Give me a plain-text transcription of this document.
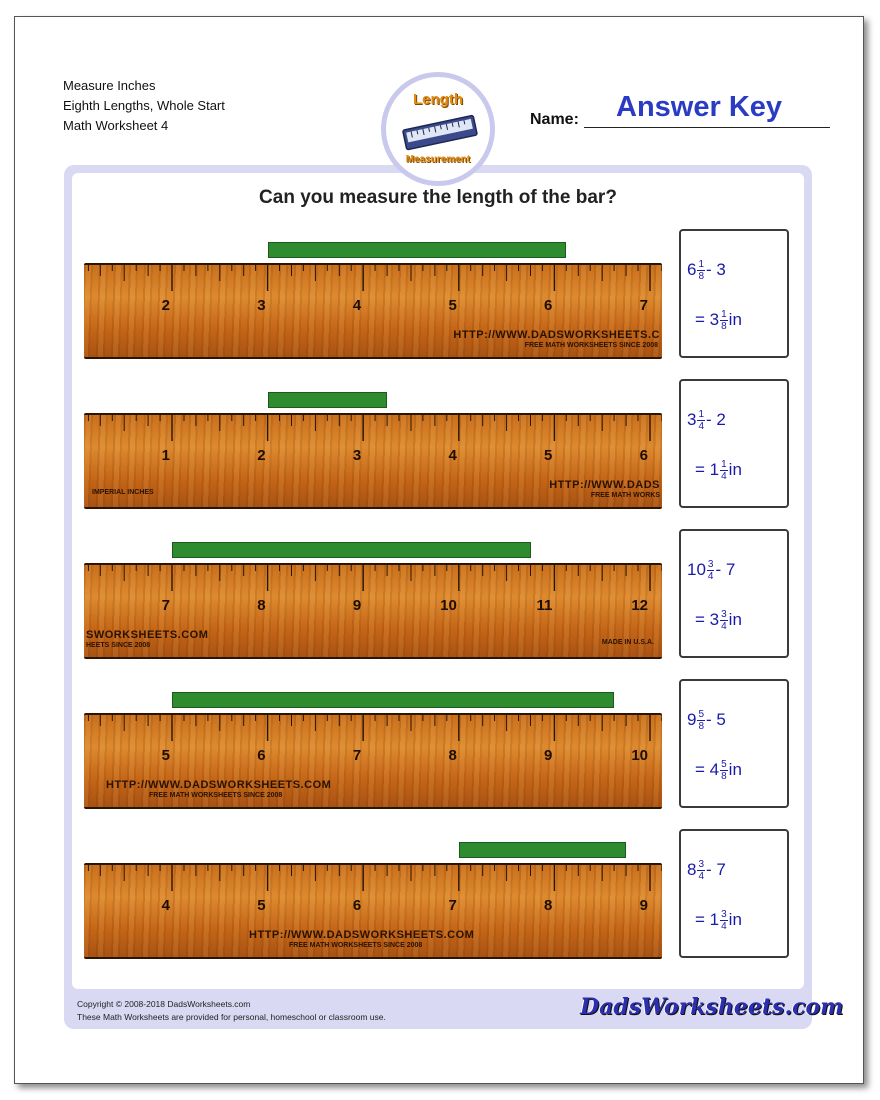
Measure Inches
Eighth Lengths, Whole Start
Math Worksheet 4
Length
Measurement
Name: Answer Key
Can you measure the length of the bar?
2	3	4	5	6	7
HTTP://WWW.DADSWORKSHEETS.C
FREE MATH WORKSHEETS SINCE 2008
$6 \frac{1}{8} - 3$
= $3 \frac{1}{8}$ in
1	2	3	4	5	6
HTTP://WWW.DADS
FREE MATH WORKS
IMPERIAL INCHES
$3 \frac{1}{4} - 2$
= $1 \frac{1}{4}$ in
7	8	9	10	11	12
SWORKSHEETS.COM
HEETS SINCE 2008	MADE IN U.S.A.
$10 \frac{3}{4} - 7$
= $3 \frac{3}{4}$ in
5	6	7	8	9	10
HTTP://WWW.DADSWORKSHEETS.COM
FREE MATH WORKSHEETS SINCE 2008
$9 \frac{5}{8} - 5$
= $4 \frac{5}{8}$ in
4	5	6	7	8	9
HTTP://WWW.DADSWORKSHEETS.COM
FREE MATH WORKSHEETS SINCE 2008
$8 \frac{3}{4} - 7$
= $1 \frac{3}{4}$ in
Copyright © 2008-2018 DadsWorksheets.com
These Math Worksheets are provided for personal, homeschool or classroom use.	DadsWorksheets.com
